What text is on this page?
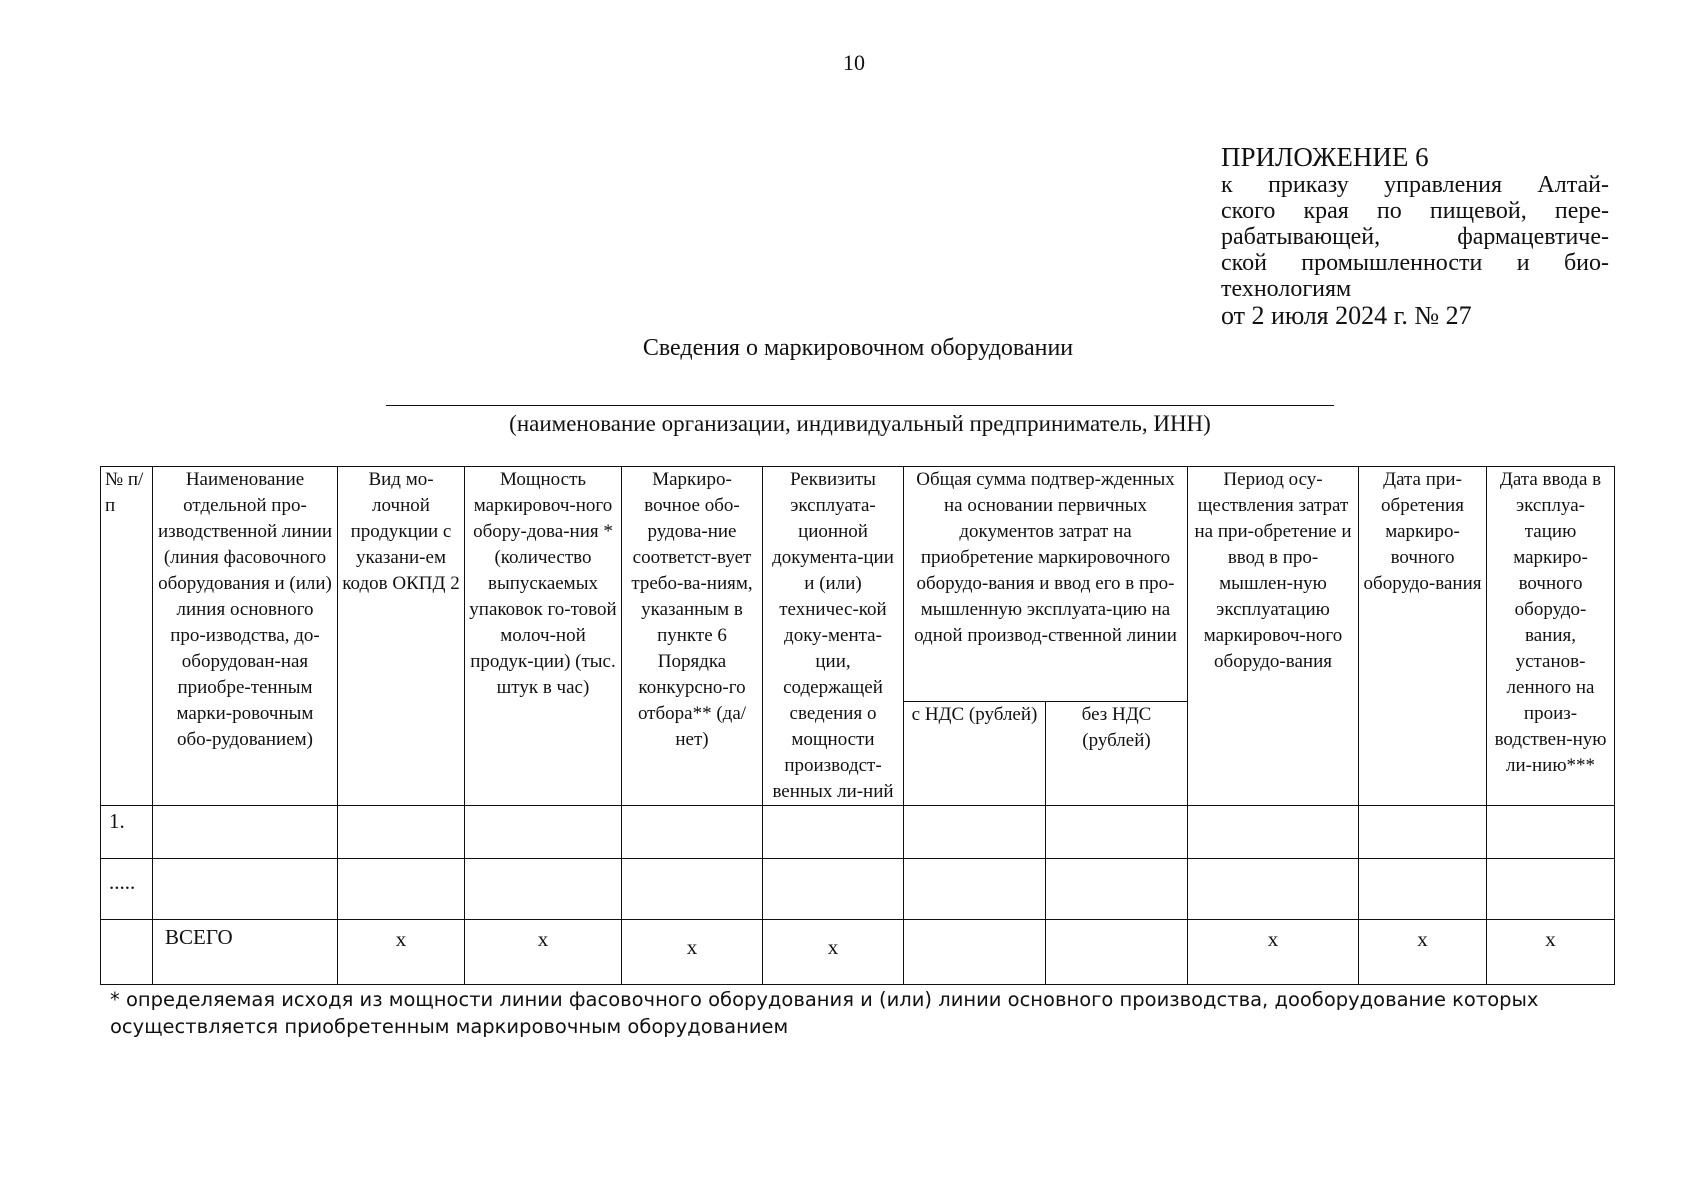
10
ПРИЛОЖЕНИЕ 6
к приказу управления Алтай-
ского края по пищевой, пере-
рабатывающей, фармацевтиче-
ской промышленности и био-
технологиям
от 2 июля 2024 г. № 27
Сведения о маркировочном оборудовании
(наименование организации, индивидуальный предприниматель, ИНН)
№ п/п	Наименование отдельной про-изводственной линии (линия фасовочного оборудования и (или) линия основного про-изводства, до-оборудован-ная приобре-тенным марки-ровочным обо-рудованием)	Вид мо-лочной продукции с указани-ем кодов ОКПД 2	Мощность маркировоч-ного обору-дова-ния * (количество выпускаемых упаковок го-товой молоч-ной продук-ции) (тыс. штук в час)	Маркиро-вочное обо-рудова-ние соответст-вует требо-ва-ниям, указанным в пункте 6 Порядка конкурсно-го отбора** (да/нет)	Реквизиты эксплуата-ционной документа-ции и (или) техничес-кой доку-мента-ции, содержащей сведения о мощности производст-венных ли-ний	Общая сумма подтвер-жденных на основании первичных документов затрат на приобретение маркировочного оборудо-вания и ввод его в про-мышленную эксплуата-цию на одной производ-ственной линии		Период осу-ществления затрат на при-обретение и ввод в про-мышлен-ную эксплуатацию маркировоч-ного оборудо-вания	Дата при-обретения маркиро-вочного оборудо-вания	Дата ввода в эксплуа-тацию маркиро-вочного оборудо-вания, установ-ленного на произ-водствен-ную ли-нию***
						с НДС (рублей)	без НДС (рублей)			
1.										
.....										
	ВСЕГО	х	х	х	х			х	х	х
* определяемая исходя из мощности линии фасовочного оборудования и (или) линии основного производства, дооборудование которых осуществляется приобретенным маркировочным оборудованием
